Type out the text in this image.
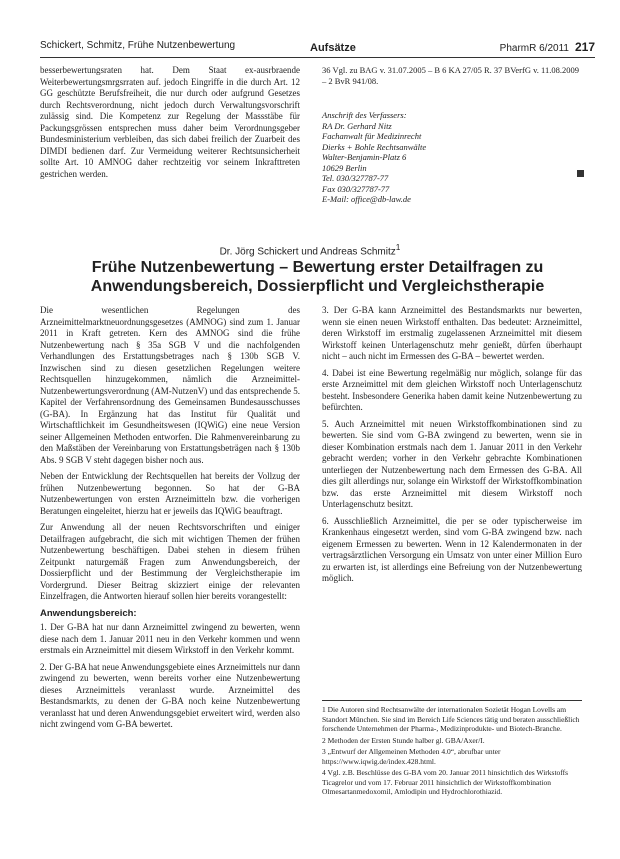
Schickert, Schmitz, Frühe Nutzenbewertung	Aufsätze	PharmR 6/2011 217

besserbewertungsraten hat. Dem Staat ex-ausrbraende Weiterbewertungsmrgsrraten auf. jedoch Eingriffe in die durch Art. 12 GG geschützte Berufsfreiheit, die nur durch oder aufgrund Gesetzes durch Rechtsverordnung, nicht jedoch durch Verwaltungsvorschrift zulässig sind. Die Kompetenz zur Regelung der Massstäbe für Packungsgrössen entsprechen muss daher beim Verordnungsgeber Bundesministerium verbleiben, das sich dabei freilich der Zuarbeit des DIMDI bedienen darf. Zur Vermeidung weiterer Rechtsunsicherheit sollte Art. 10 AMNOG daher rechtzeitig vor seinem Inkrafttreten gestrichen werden.

36 Vgl. zu BAG v. 31.07.2005 – B 6 KA 27/05 R. 37 BVerfG v. 11.08.2009 – 2 BvR 941/08.
Anschrift des Verfassers:
RA Dr. Gerhard Nitz
Fachanwalt für Medizinrecht
Dierks + Bohle Rechtsanwälte
Walter-Benjamin-Platz 6
10629 Berlin
Tel. 030/327787-77
Fax 030/327787-77
E-Mail: office@db-law.de
Dr. Jörg Schickert und Andreas Schmitz$^1$
Frühe Nutzenbewertung – Bewertung erster Detailfragen zu
Anwendungsbereich, Dossierpflicht und Vergleichstherapie

Die wesentlichen Regelungen des Arzneimittelmarktneuordnungsgesetzes (AMNOG) sind zum 1. Januar 2011 in Kraft getreten. Kern des AMNOG sind die frühe Nutzenbewertung nach § 35a SGB V und die nachfolgenden Verhandlungen des Erstattungsbetrages nach § 130b SGB V. Inzwischen sind zu diesen gesetzlichen Regelungen weitere Rechtsquellen hinzugekommen, nämlich die Arzneimittel-Nutzenbewertungsverordnung (AM-NutzenV) und das entsprechende 5. Kapitel der Verfahrensordnung des Gemeinsamen Bundesausschusses (G-BA). In Ergänzung hat das Institut für Qualität und Wirtschaftlichkeit im Gesundheitswesen (IQWiG) eine neue Version seiner Allgemeinen Methoden entworfen. Die Rahmenvereinbarung zu den Maßstäben der Vereinbarung von Erstattungsbeträgen nach § 130b Abs. 9 SGB V steht dagegen bisher noch aus.

Neben der Entwicklung der Rechtsquellen hat bereits der Vollzug der frühen Nutzenbewertung begonnen. So hat der G-BA Nutzenbewertungen von ersten Arzneimitteln bzw. die vorherigen Beratungen eingeleitet, hierzu hat er jeweils das IQWiG beauftragt.

Zur Anwendung all der neuen Rechtsvorschriften und einiger Detailfragen aufgebracht, die sich mit wichtigen Themen der frühen Nutzenbewertung beschäftigen. Dabei stehen in diesem frühen Zeitpunkt naturgemäß Fragen zum Anwendungsbereich, der Dossierpflicht und der Bestimmung der Vergleichstherapie im Vordergrund. Dieser Beitrag skizziert einige der relevanten Einzelfragen, die Antworten hierauf sollen hier bereits vorangestellt:

Anwendungsbereich:

1. Der G-BA hat nur dann Arzneimittel zwingend zu bewerten, wenn diese nach dem 1. Januar 2011 neu in den Verkehr kommen und wenn erstmals ein Arzneimittel mit diesem Wirkstoff in den Verkehr kommt.

2. Der G-BA hat neue Anwendungsgebiete eines Arzneimittels nur dann zwingend zu bewerten, wenn bereits vorher eine Nutzenbewertung dieses Arzneimittels veranlasst wurde. Arzneimittel des Bestandsmarkts, zu denen der G-BA noch keine Nutzenbewertung veranlasst hat und deren Anwendungsgebiet erweitert wird, werden also nicht zwingend vom G-BA bewertet.

3. Der G-BA kann Arzneimittel des Bestandsmarkts nur bewerten, wenn sie einen neuen Wirkstoff enthalten. Das bedeutet: Arzneimittel, deren Wirkstoff im erstmalig zugelassenen Arzneimittel mit diesem Wirkstoff keinen Unterlagenschutz mehr genießt, dürfen überhaupt nicht – auch nicht im Ermessen des G-BA – bewertet werden.

4. Dabei ist eine Bewertung regelmäßig nur möglich, solange für das erste Arzneimittel mit dem gleichen Wirkstoff noch Unterlagenschutz besteht. Insbesondere Generika haben damit keine Nutzenbewertung zu befürchten.

5. Auch Arzneimittel mit neuen Wirkstoffkombinationen sind zu bewerten. Sie sind vom G-BA zwingend zu bewerten, wenn sie in dieser Kombination erstmals nach dem 1. Januar 2011 in den Verkehr gebracht werden; vorher in den Verkehr gebrachte Kombinationen unterliegen der Nutzenbewertung nach dem Ermessen des G-BA. All dies gilt allerdings nur, solange ein Wirkstoff der Wirkstoffkombination bzw. das erste Arzneimittel mit diesem Wirkstoff noch Unterlagenschutz besitzt.

6. Ausschließlich Arzneimittel, die per se oder typischerweise im Krankenhaus eingesetzt werden, sind vom G-BA zwingend bzw. nach eigenem Ermessen zu bewerten. Wenn in 12 Kalendermonaten in der vertragsärztlichen Versorgung ein Umsatz von unter einer Million Euro zu erwarten ist, ist allerdings eine Befreiung von der Nutzenbewertung möglich.

1 Die Autoren sind Rechtsanwälte der internationalen Sozietät Hogan Lovells am Standort München. Sie sind im Bereich Life Sciences tätig und beraten ausschließlich forschende Unternehmen der Pharma-, Medizinprodukte- und Biotech-Branche.
2 Methoden der Ersten Stunde halber gl. GBA/Axer/I.
3 „Entwurf der Allgemeinen Methoden 4.0“, abrufbar unter https://www.iqwig.de/index.428.html.
4 Vgl. z.B. Beschlüsse des G-BA vom 20. Januar 2011 hinsichtlich des Wirkstoffs Ticagrelor und vom 17. Februar 2011 hinsichtlich der Wirkstoffkombination Olmesartanmedoxomil, Amlodipin und Hydrochlorothiazid.
